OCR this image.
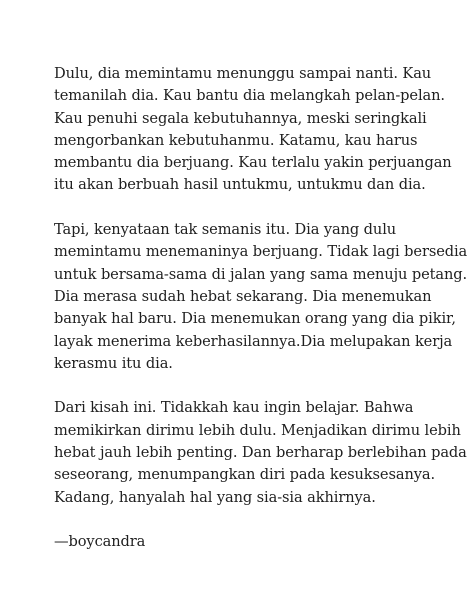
Dulu, dia memintamu menunggu sampai nanti. Kau
temanilah dia. Kau bantu dia melangkah pelan-pelan.
Kau penuhi segala kebutuhannya, meski seringkali
mengorbankan kebutuhanmu. Katamu, kau harus
membantu dia berjuang. Kau terlalu yakin perjuangan
itu akan berbuah hasil untukmu, untukmu dan dia.

Tapi, kenyataan tak semanis itu. Dia yang dulu
memintamu menemaninya berjuang. Tidak lagi bersedia
untuk bersama-sama di jalan yang sama menuju petang.
Dia merasa sudah hebat sekarang. Dia menemukan
banyak hal baru. Dia menemukan orang yang dia pikir,
layak menerima keberhasilannya.Dia melupakan kerja
kerasmu itu dia.

Dari kisah ini. Tidakkah kau ingin belajar. Bahwa
memikirkan dirimu lebih dulu. Menjadikan dirimu lebih
hebat jauh lebih penting. Dan berharap berlebihan pada
seseorang, menumpangkan diri pada kesuksesanya.
Kadang, hanyalah hal yang sia-sia akhirnya.

—boycandra
